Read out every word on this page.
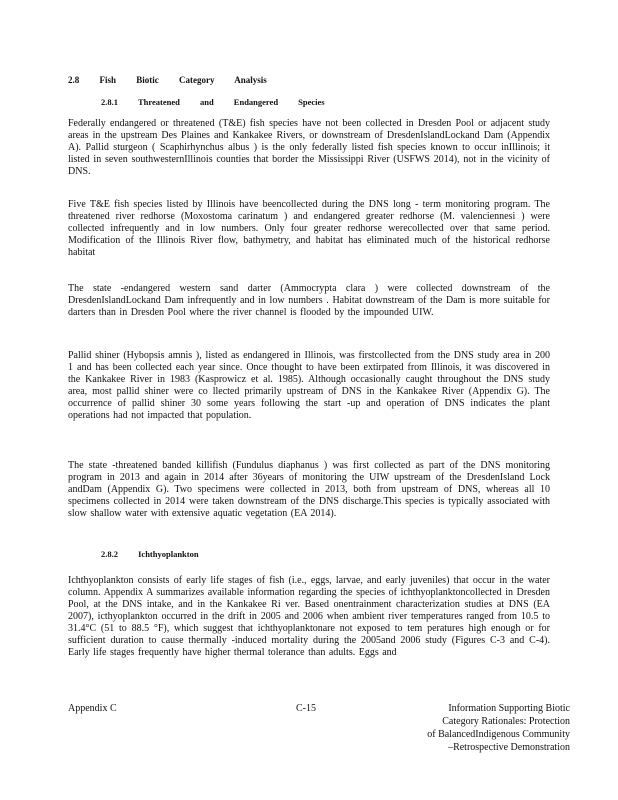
2.8 Fish Biotic Category Analysis
2.8.1 Threatened and Endangered Species

Federally endangered or threatened (T&E) fish species have not been collected in Dresden Pool or adjacent study areas in the upstream Des Plaines and Kankakee Rivers, or downstream of DresdenIslandLockand Dam (Appendix A). Pallid sturgeon ( Scaphirhynchus albus ) is the only federally listed fish species known to occur inIllinois; it listed in seven southwesternIllinois counties that border the Mississippi River (USFWS 2014), not in the vicinity of DNS.

Five T&E fish species listed by Illinois have beencollected during the DNS long - term monitoring program. The threatened river redhorse (Moxostoma carinatum ) and endangered greater redhorse (M. valenciennesi ) were collected infrequently and in low numbers. Only four greater redhorse werecollected over that same period. Modification of the Illinois River flow, bathymetry, and habitat has eliminated much of the historical redhorse habitat

The state -endangered western sand darter (Ammocrypta clara ) were collected downstream of the DresdenIslandLockand Dam infrequently and in low numbers . Habitat downstream of the Dam is more suitable for darters than in Dresden Pool where the river channel is flooded by the impounded UIW.

Pallid shiner (Hybopsis amnis ), listed as endangered in Illinois, was firstcollected from the DNS study area in 200 1 and has been collected each year since. Once thought to have been extirpated from Illinois, it was discovered in the Kankakee River in 1983 (Kasprowicz et al. 1985). Although occasionally caught throughout the DNS study area, most pallid shiner were co llected primarily upstream of DNS in the Kankakee River (Appendix G). The occurrence of pallid shiner 30 some years following the start -up and operation of DNS indicates the plant operations had not impacted that population.

The state -threatened banded killifish (Fundulus diaphanus ) was first collected as part of the DNS monitoring program in 2013 and again in 2014 after 36years of monitoring the UIW upstream of the DresdenIsland Lock andDam (Appendix G). Two specimens were collected in 2013, both from upstream of DNS, whereas all 10 specimens collected in 2014 were taken downstream of the DNS discharge.This species is typically associated with slow shallow water with extensive aquatic vegetation (EA 2014).

2.8.2 Ichthyoplankton

Ichthyoplankton consists of early life stages of fish (i.e., eggs, larvae, and early juveniles) that occur in the water column. Appendix A summarizes available information regarding the species of ichthyoplanktoncollected in Dresden Pool, at the DNS intake, and in the Kankakee Ri ver. Based onentrainment characterization studies at DNS (EA 2007), icthyoplankton occurred in the drift in 2005 and 2006 when ambient river temperatures ranged from 10.5 to 31.4°C (51 to 88.5 °F), which suggest that ichthyoplanktonare not exposed to tem peratures high enough or for sufficient duration to cause thermally -induced mortality during the 2005and 2006 study (Figures C-3 and C-4). Early life stages frequently have higher thermal tolerance than adults. Eggs and

Appendix C	C-15	Information Supporting Biotic
Category Rationales: Protection
of BalancedIndigenous Community
–Retrospective Demonstration
